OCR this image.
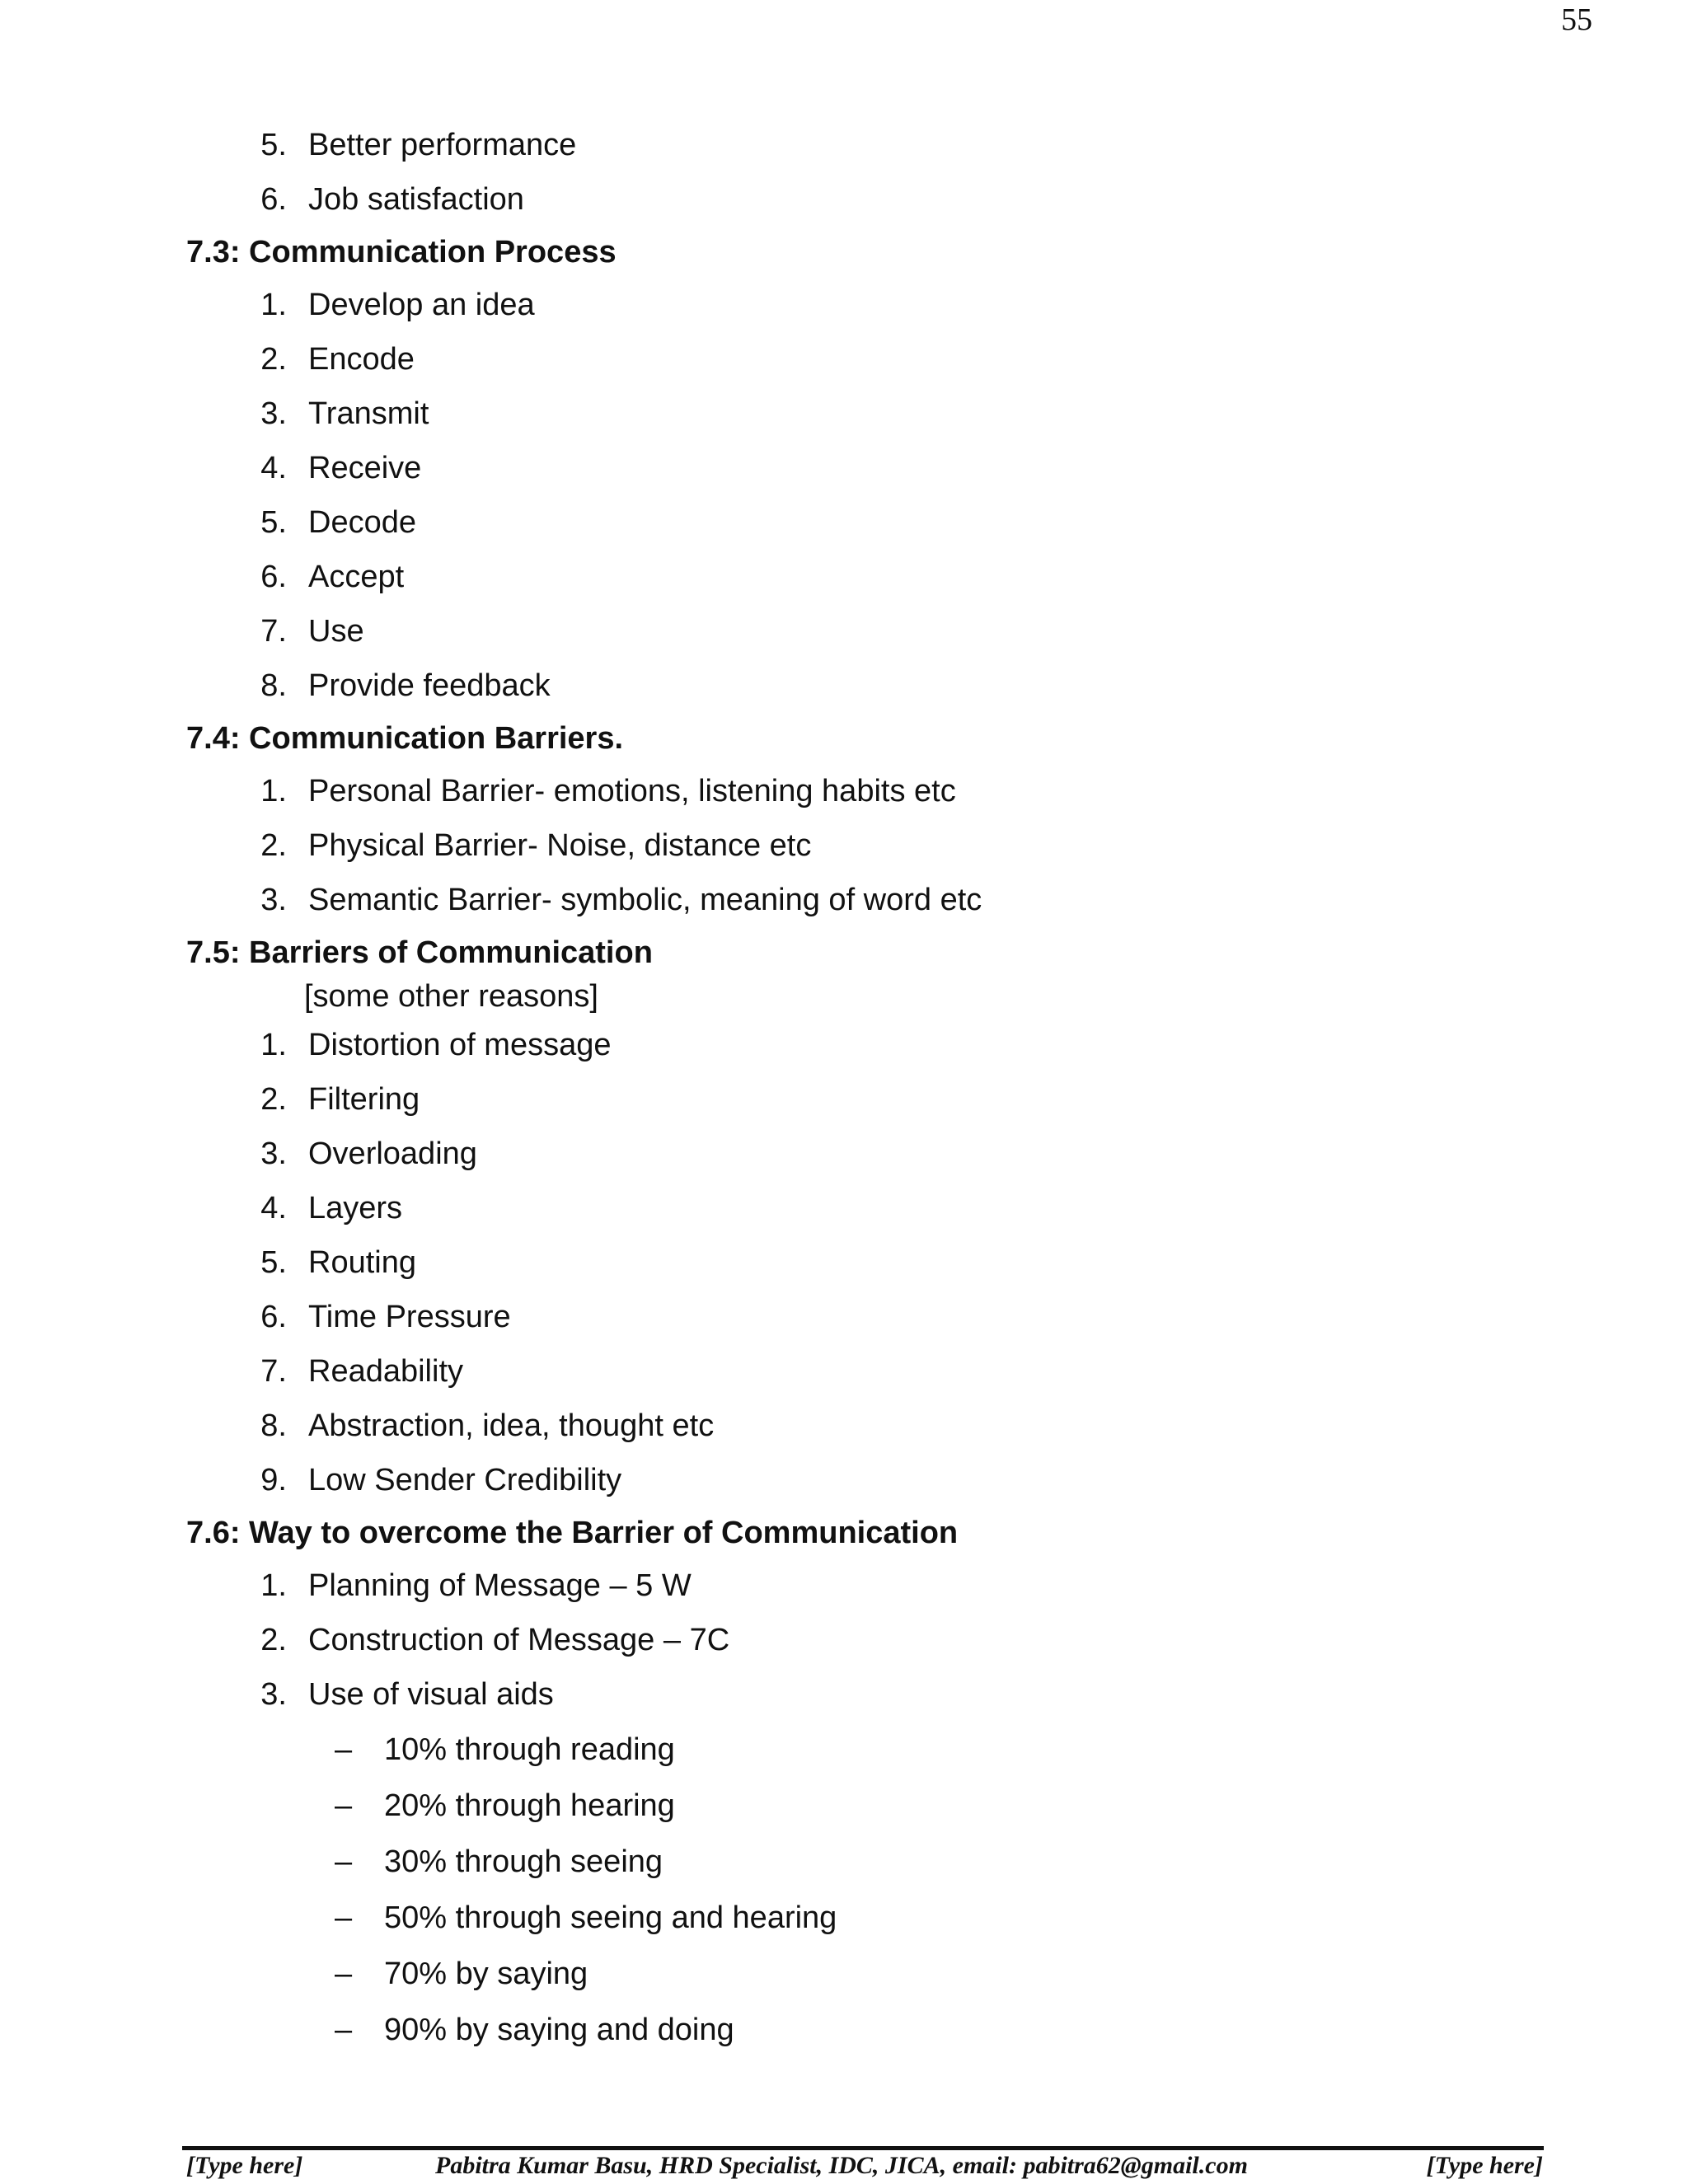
55
5. Better performance
6. Job satisfaction
7.3: Communication Process
1. Develop an idea
2. Encode
3. Transmit
4. Receive
5. Decode
6. Accept
7. Use
8. Provide feedback
7.4: Communication Barriers.
1. Personal Barrier- emotions, listening habits etc
2. Physical Barrier- Noise, distance etc
3. Semantic Barrier- symbolic, meaning of word etc
7.5: Barriers of Communication
[some other reasons]
1. Distortion of message
2. Filtering
3. Overloading
4. Layers
5. Routing
6. Time Pressure
7. Readability
8. Abstraction, idea, thought etc
9. Low Sender Credibility
7.6: Way to overcome the Barrier of Communication
1. Planning of Message – 5 W
2. Construction of Message – 7C
3. Use of visual aids
– 10% through reading
– 20% through hearing
– 30% through seeing
– 50% through seeing and hearing
– 70% by saying
– 90% by saying and doing
[Type here]	Pabitra Kumar Basu, HRD Specialist, IDC, JICA, email: pabitra62@gmail.com	[Type here]
